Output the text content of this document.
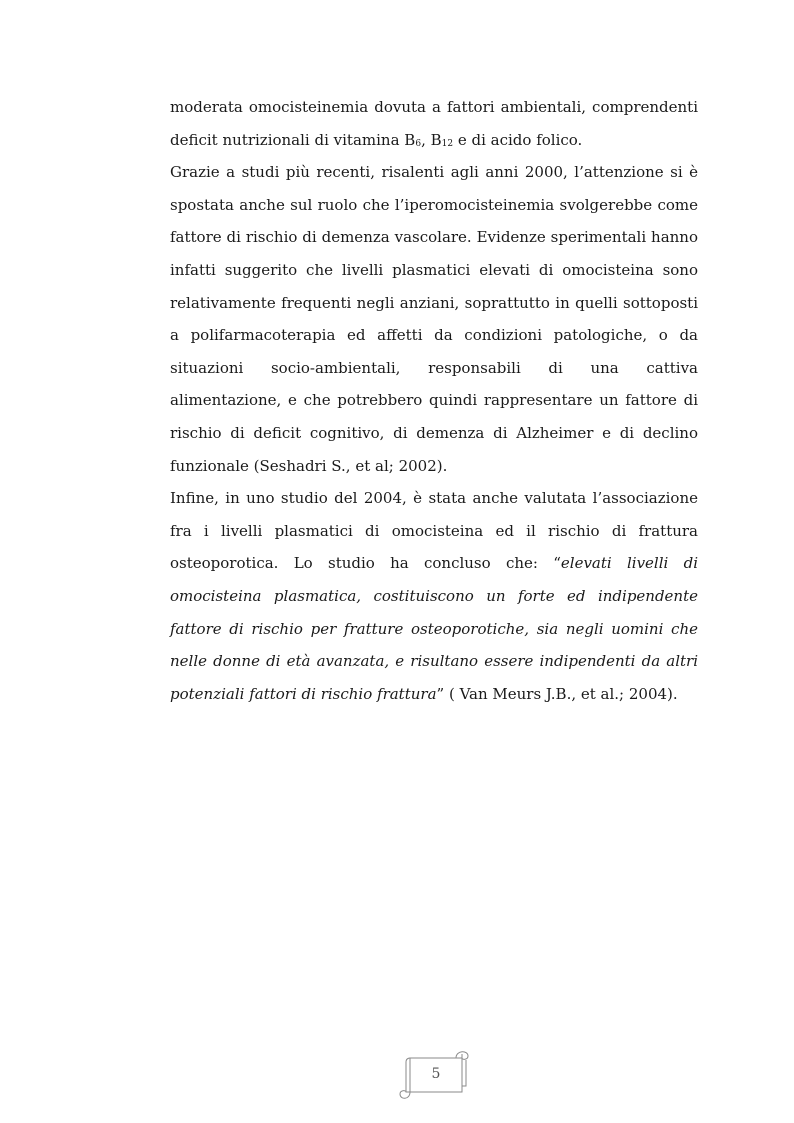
moderata omocisteinemia dovuta a fattori ambientali, comprendenti deficit nutrizionali di vitamina $B_6$, $B_{12}$ e di acido folico.

Grazie a studi più recenti, risalenti agli anni 2000, l’attenzione si è spostata anche sul ruolo che l’iperomocisteinemia svolgerebbe come fattore di rischio di demenza vascolare. Evidenze sperimentali hanno infatti suggerito che livelli plasmatici elevati di omocisteina sono relativamente frequenti negli anziani, soprattutto in quelli sottoposti a polifarmacoterapia ed affetti da condizioni patologiche, o da situazioni socio-ambientali, responsabili di una cattiva alimentazione, e che potrebbero quindi rappresentare un fattore di rischio di deficit cognitivo, di demenza di Alzheimer e di declino funzionale (Seshadri S., et al; 2002).

Infine, in uno studio del 2004, è stata anche valutata l’associazione fra i livelli plasmatici di omocisteina ed il rischio di frattura osteoporotica. Lo studio ha concluso che: “elevati livelli di omocisteina plasmatica, costituiscono un forte ed indipendente fattore di rischio per fratture osteoporotiche, sia negli uomini che nelle donne di età avanzata, e risultano essere indipendenti da altri potenziali fattori di rischio frattura” ( Van Meurs J.B., et al.; 2004).

5
